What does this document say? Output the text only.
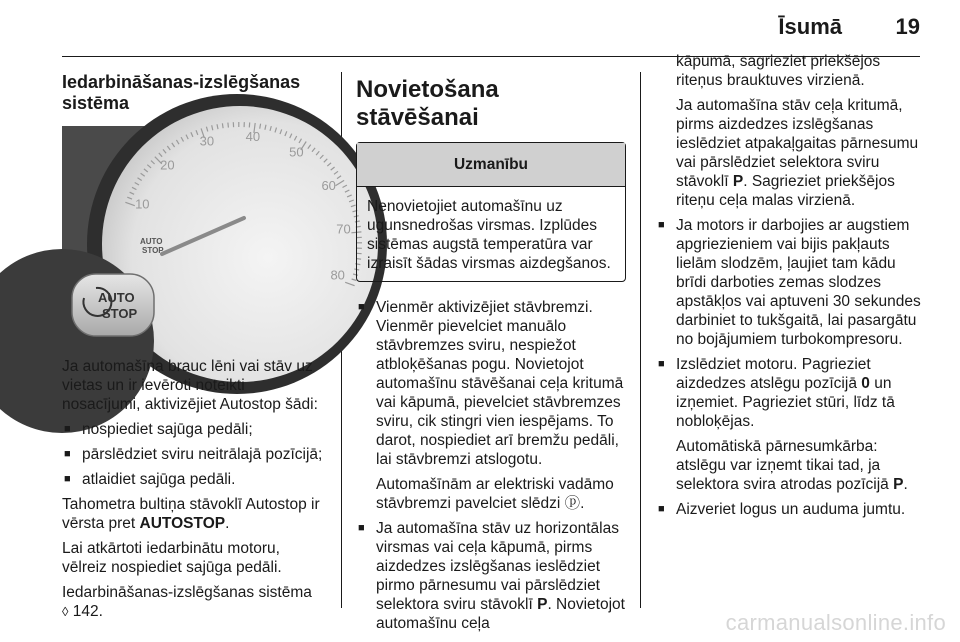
Īsumā 19
Iedarbināšanas-izslēgšanas sistēma
10
20
30 40
50
60
70
80
AUTO
STOP
AUTO
STOP

Ja automašīna brauc lēni vai stāv uz vietas un ir ievēroti noteikti nosacījumi, aktivizējiet Autostop šādi:

■ nospiediet sajūga pedāli;
■ pārslēdziet sviru neitrālajā pozīcijā;
■ atlaidiet sajūga pedāli.

Tahometra bultiņa stāvoklī Autostop ir vērsta pret AUTOSTOP.

Lai atkārtoti iedarbinātu motoru, vēlreiz nospiediet sajūga pedāli.

Iedarbināšanas-izslēgšanas sistēma
◊ 142.

Novietošana stāvēšanai
Uzmanību
Nenovietojiet automašīnu uz ugunsnedrošas virsmas. Izplūdes sistēmas augstā temperatūra var izraisīt šādas virsmas aizdegšanos.

■ Vienmēr aktivizējiet stāvbremzi. Vienmēr pievelciet manuālo stāvbremzes sviru, nespiežot atbloķēšanas pogu. Novietojot automašīnu stāvēšanai ceļa kritumā vai kāpumā, pievelciet stāvbremzes sviru, cik stingri vien iespējams. To darot, nospiediet arī bremžu pedāli, lai stāvbremzi atslogotu.

Automašīnām ar elektriski vadāmo stāvbremzi pavelciet slēdzi ⓟ.

■ Ja automašīna stāv uz horizontālas virsmas vai ceļa kāpumā, pirms aizdedzes izslēgšanas ieslēdziet pirmo pārnesumu vai pārslēdziet selektora sviru stāvoklī P. Novietojot automašīnu ceļa

kāpumā, sagrieziet priekšējos riteņus brauktuves virzienā.

Ja automašīna stāv ceļa kritumā, pirms aizdedzes izslēgšanas ieslēdziet atpakaļgaitas pārnesumu vai pārslēdziet selektora sviru stāvoklī P. Sagrieziet priekšējos riteņu ceļa malas virzienā.

■ Ja motors ir darbojies ar augstiem apgriezieniem vai bijis pakļauts lielām slodzēm, ļaujiet tam kādu brīdi darboties zemas slodzes apstākļos vai aptuveni 30 sekundes darbiniet to tukšgaitā, lai pasargātu no bojājumiem turbokompresoru.

■ Izslēdziet motoru. Pagrieziet aizdedzes atslēgu pozīcijā 0 un izņemiet. Pagrieziet stūri, līdz tā nobloķējas.

Automātiskā pārnesumkārba: atslēgu var izņemt tikai tad, ja selektora svira atrodas pozīcijā P.

■ Aizveriet logus un auduma jumtu.
carmanualsonline.info
